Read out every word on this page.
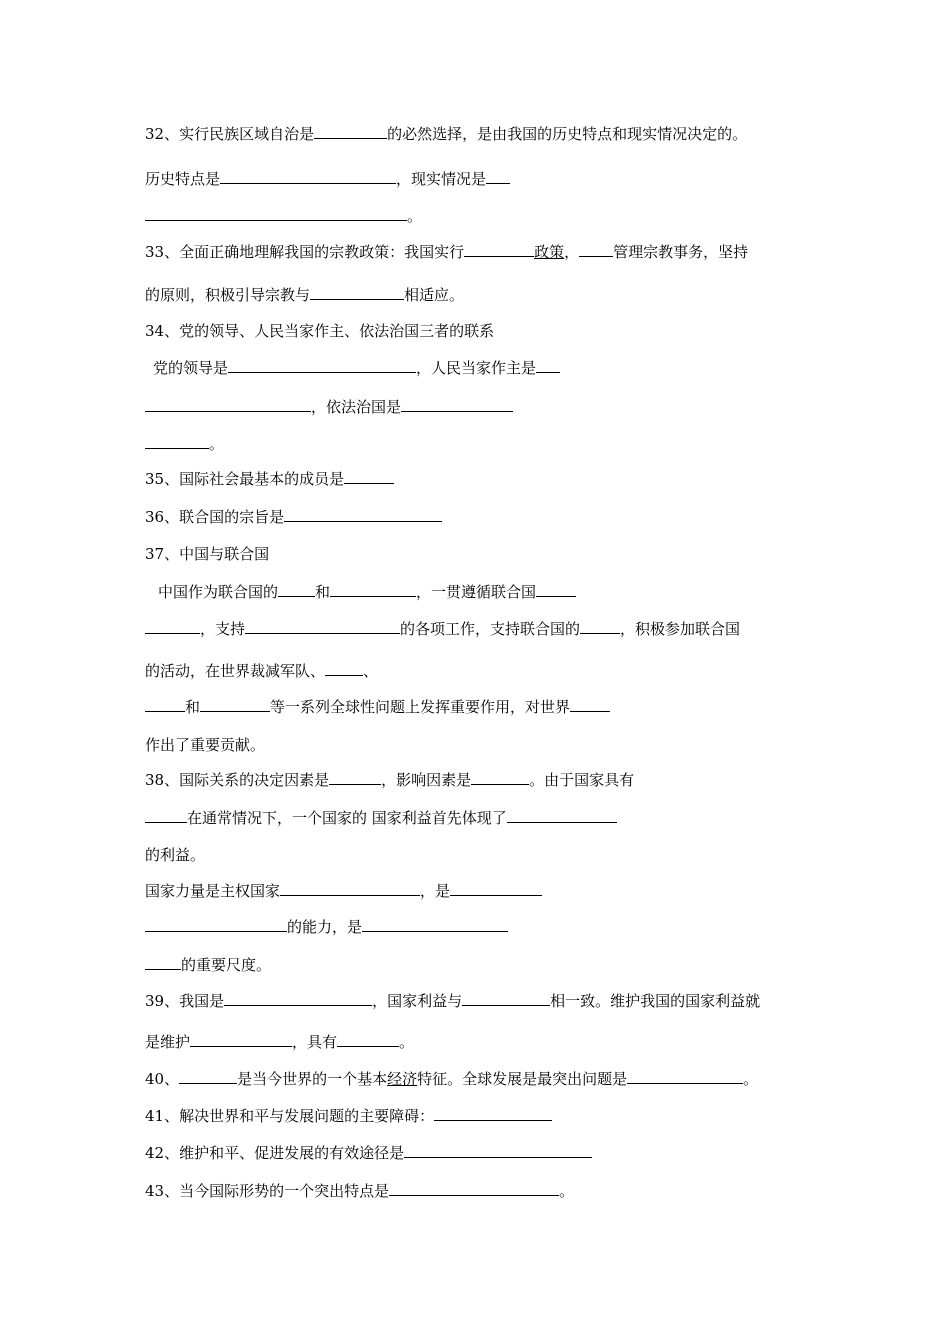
32、实行民族区域自治是	的必然选择，是由我国的历史特点和现实情况决定的。
历史特点是	，现实情况是
。
33、全面正确地理解我国的宗教政策：我国实行	政策， 管理宗教事务，坚持
的原则，积极引导宗教与	相适应。
34、党的领导、人民当家作主、依法治国三者的联系
党的领导是	，人民当家作主是
，依法治国是
。
35、国际社会最基本的成员是
36、联合国的宗旨是
37、中国与联合国
中国作为联合国的 和	，一贯遵循联合国
，支持	的各项工作，支持联合国的	，积极参加联合国
的活动，在世界裁减军队、	、
和	等一系列全球性问题上发挥重要作用，对世界
作出了重要贡献。
38、国际关系的决定因素是	，影响因素是	。由于国家具有
在通常情况下，一个国家的 国家利益首先体现了
的利益。
国家力量是主权国家	，是
的能力，是
的重要尺度。
39、我国是	，国家利益与	相一致。维护我国的国家利益就
是维护	，具有	。
40、	是当今世界的一个基本经济特征。全球发展是最突出问题是	。
41、解决世界和平与发展问题的主要障碍：
42、维护和平、促进发展的有效途径是
43、当今国际形势的一个突出特点是	。
